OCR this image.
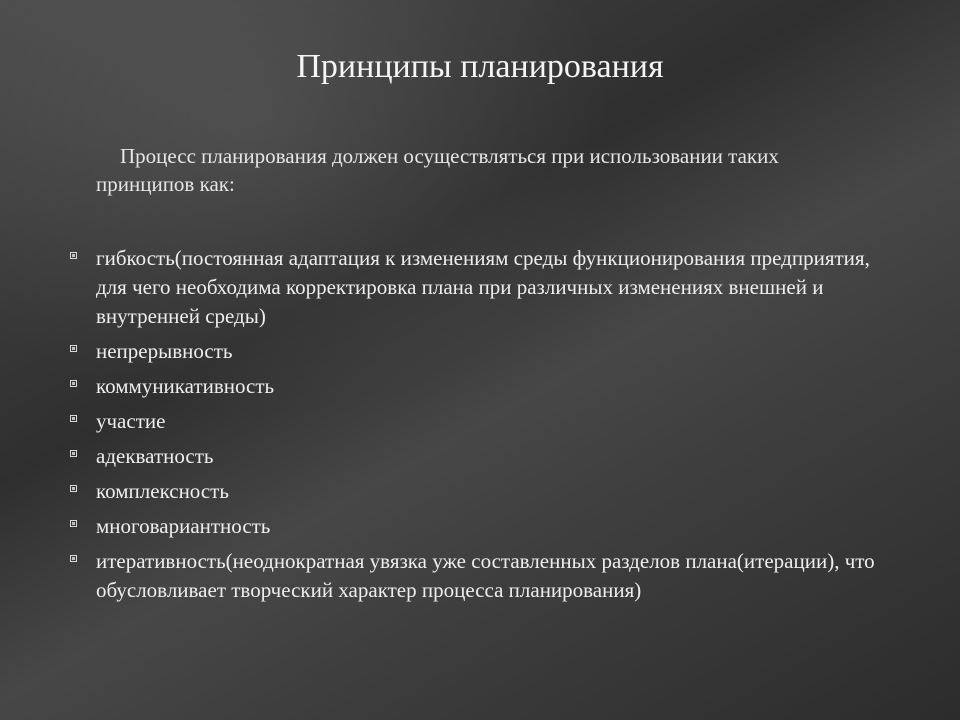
Принципы планирования

Процесс планирования должен осуществляться при использовании таких принципов как:

гибкость(постоянная адаптация к изменениям среды функционирования предприятия, для чего необходима корректировка плана при различных изменениях внешней и внутренней среды)
непрерывность
коммуникативность
участие
адекватность
комплексность
многовариантность
итеративность(неоднократная увязка уже составленных разделов плана(итерации), что обусловливает творческий характер процесса планирования)
